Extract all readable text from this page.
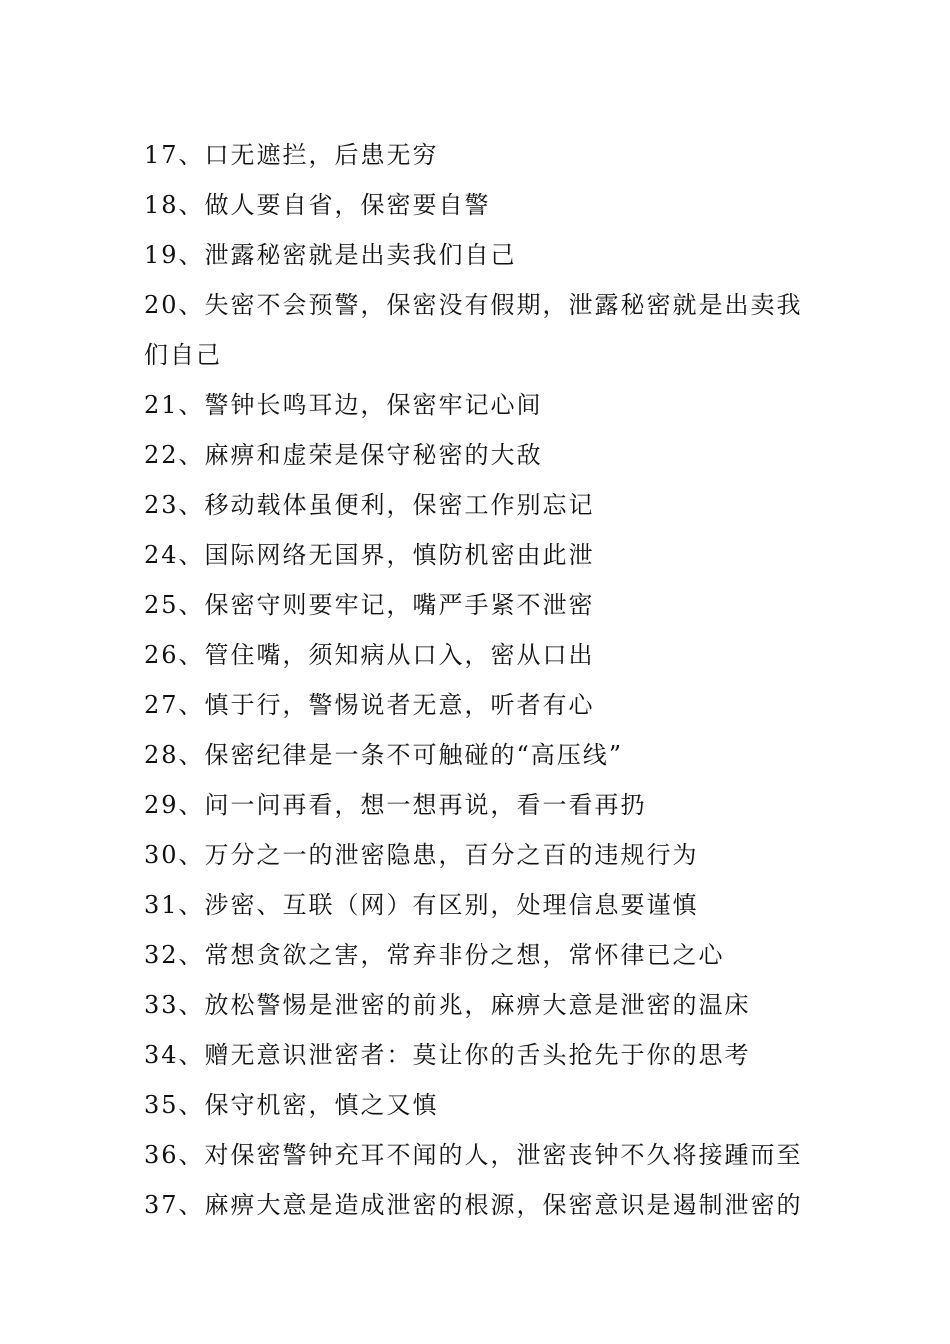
17、口无遮拦，后患无穷

18、做人要自省，保密要自警

19、泄露秘密就是出卖我们自己

20、失密不会预警，保密没有假期，泄露秘密就是出卖我

们自己

21、警钟长鸣耳边，保密牢记心间

22、麻痹和虚荣是保守秘密的大敌

23、移动载体虽便利，保密工作别忘记

24、国际网络无国界，慎防机密由此泄

25、保密守则要牢记，嘴严手紧不泄密

26、管住嘴，须知病从口入，密从口出

27、慎于行，警惕说者无意，听者有心

28、保密纪律是一条不可触碰的“高压线”

29、问一问再看，想一想再说，看一看再扔

30、万分之一的泄密隐患，百分之百的违规行为

31、涉密、互联（网）有区别，处理信息要谨慎

32、常想贪欲之害，常弃非份之想，常怀律已之心

33、放松警惕是泄密的前兆，麻痹大意是泄密的温床

34、赠无意识泄密者：莫让你的舌头抢先于你的思考

35、保守机密，慎之又慎

36、对保密警钟充耳不闻的人，泄密丧钟不久将接踵而至

37、麻痹大意是造成泄密的根源，保密意识是遏制泄密的
